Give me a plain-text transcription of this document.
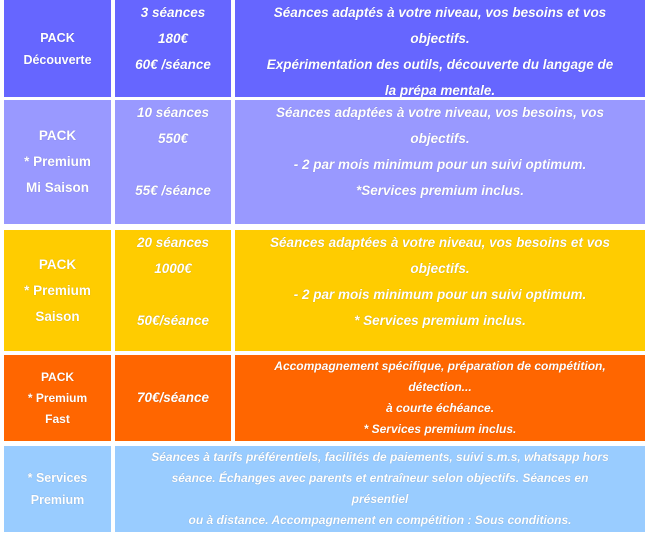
PACK
Découverte
3 séances
180€
60€ /séance
Séances adaptés à votre niveau, vos besoins et vos
objectifs.
Expérimentation des outils, découverte du langage de
la prépa mentale.
PACK
* Premium
Mi Saison
10 séances
550€
55€ /séance
Séances adaptées à votre niveau, vos besoins, vos
objectifs.
- 2 par mois minimum pour un suivi optimum.
*Services premium inclus.
PACK
* Premium
Saison
20 séances
1000€
50€/séance
Séances adaptées à votre niveau, vos besoins et vos
objectifs.
- 2 par mois minimum pour un suivi optimum.
* Services premium inclus.
PACK
* Premium
Fast
70€/séance
Accompagnement spécifique, préparation de compétition,
détection...
à courte échéance.
* Services premium inclus.
* Services
Premium
Séances à tarifs préférentiels, facilités de paiements, suivi s.m.s, whatsapp hors
séance. Échanges avec parents et entraîneur selon objectifs. Séances en
présentiel
ou à distance. Accompagnement en compétition : Sous conditions.
